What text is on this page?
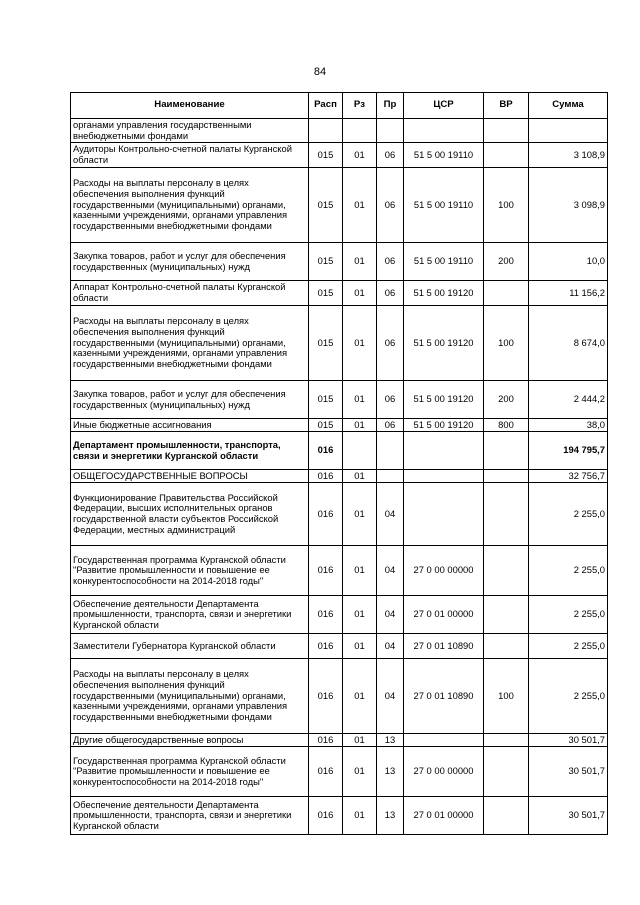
84
Наименование	Расп	Рз	Пр	ЦСР	ВР	Сумма
органами управления государственными внебюджетными фондами						
Аудиторы Контрольно-счетной палаты Курганской области	015	01	06	51 5 00 19110		3 108,9
Расходы на выплаты персоналу в целях обеспечения выполнения функций государственными (муниципальными) органами, казенными учреждениями, органами управления государственными внебюджетными фондами	015	01	06	51 5 00 19110	100	3 098,9
Закупка товаров, работ и услуг для обеспечения государственных (муниципальных) нужд	015	01	06	51 5 00 19110	200	10,0
Аппарат Контрольно-счетной палаты Курганской области	015	01	06	51 5 00 19120		11 156,2
Расходы на выплаты персоналу в целях обеспечения выполнения функций государственными (муниципальными) органами, казенными учреждениями, органами управления государственными внебюджетными фондами	015	01	06	51 5 00 19120	100	8 674,0
Закупка товаров, работ и услуг для обеспечения государственных (муниципальных) нужд	015	01	06	51 5 00 19120	200	2 444,2
Иные бюджетные ассигнования	015	01	06	51 5 00 19120	800	38,0
Департамент промышленности, транспорта, связи и энергетики Курганской области	016					194 795,7
ОБЩЕГОСУДАРСТВЕННЫЕ ВОПРОСЫ	016	01				32 756,7
Функционирование Правительства Российской Федерации, высших исполнительных органов государственной власти субъектов Российской Федерации, местных администраций	016	01	04			2 255,0
Государственная программа Курганской области "Развитие промышленности и повышение ее конкурентоспособности на 2014-2018 годы"	016	01	04	27 0 00 00000		2 255,0
Обеспечение деятельности Департамента промышленности, транспорта, связи и энергетики Курганской области	016	01	04	27 0 01 00000		2 255,0
Заместители Губернатора Курганской области	016	01	04	27 0 01 10890		2 255,0
Расходы на выплаты персоналу в целях обеспечения выполнения функций государственными (муниципальными) органами, казенными учреждениями, органами управления государственными внебюджетными фондами	016	01	04	27 0 01 10890	100	2 255,0
Другие общегосударственные вопросы	016	01	13			30 501,7
Государственная программа Курганской области "Развитие промышленности и повышение ее конкурентоспособности на 2014-2018 годы"	016	01	13	27 0 00 00000		30 501,7
Обеспечение деятельности Департамента промышленности, транспорта, связи и энергетики Курганской области	016	01	13	27 0 01 00000		30 501,7
